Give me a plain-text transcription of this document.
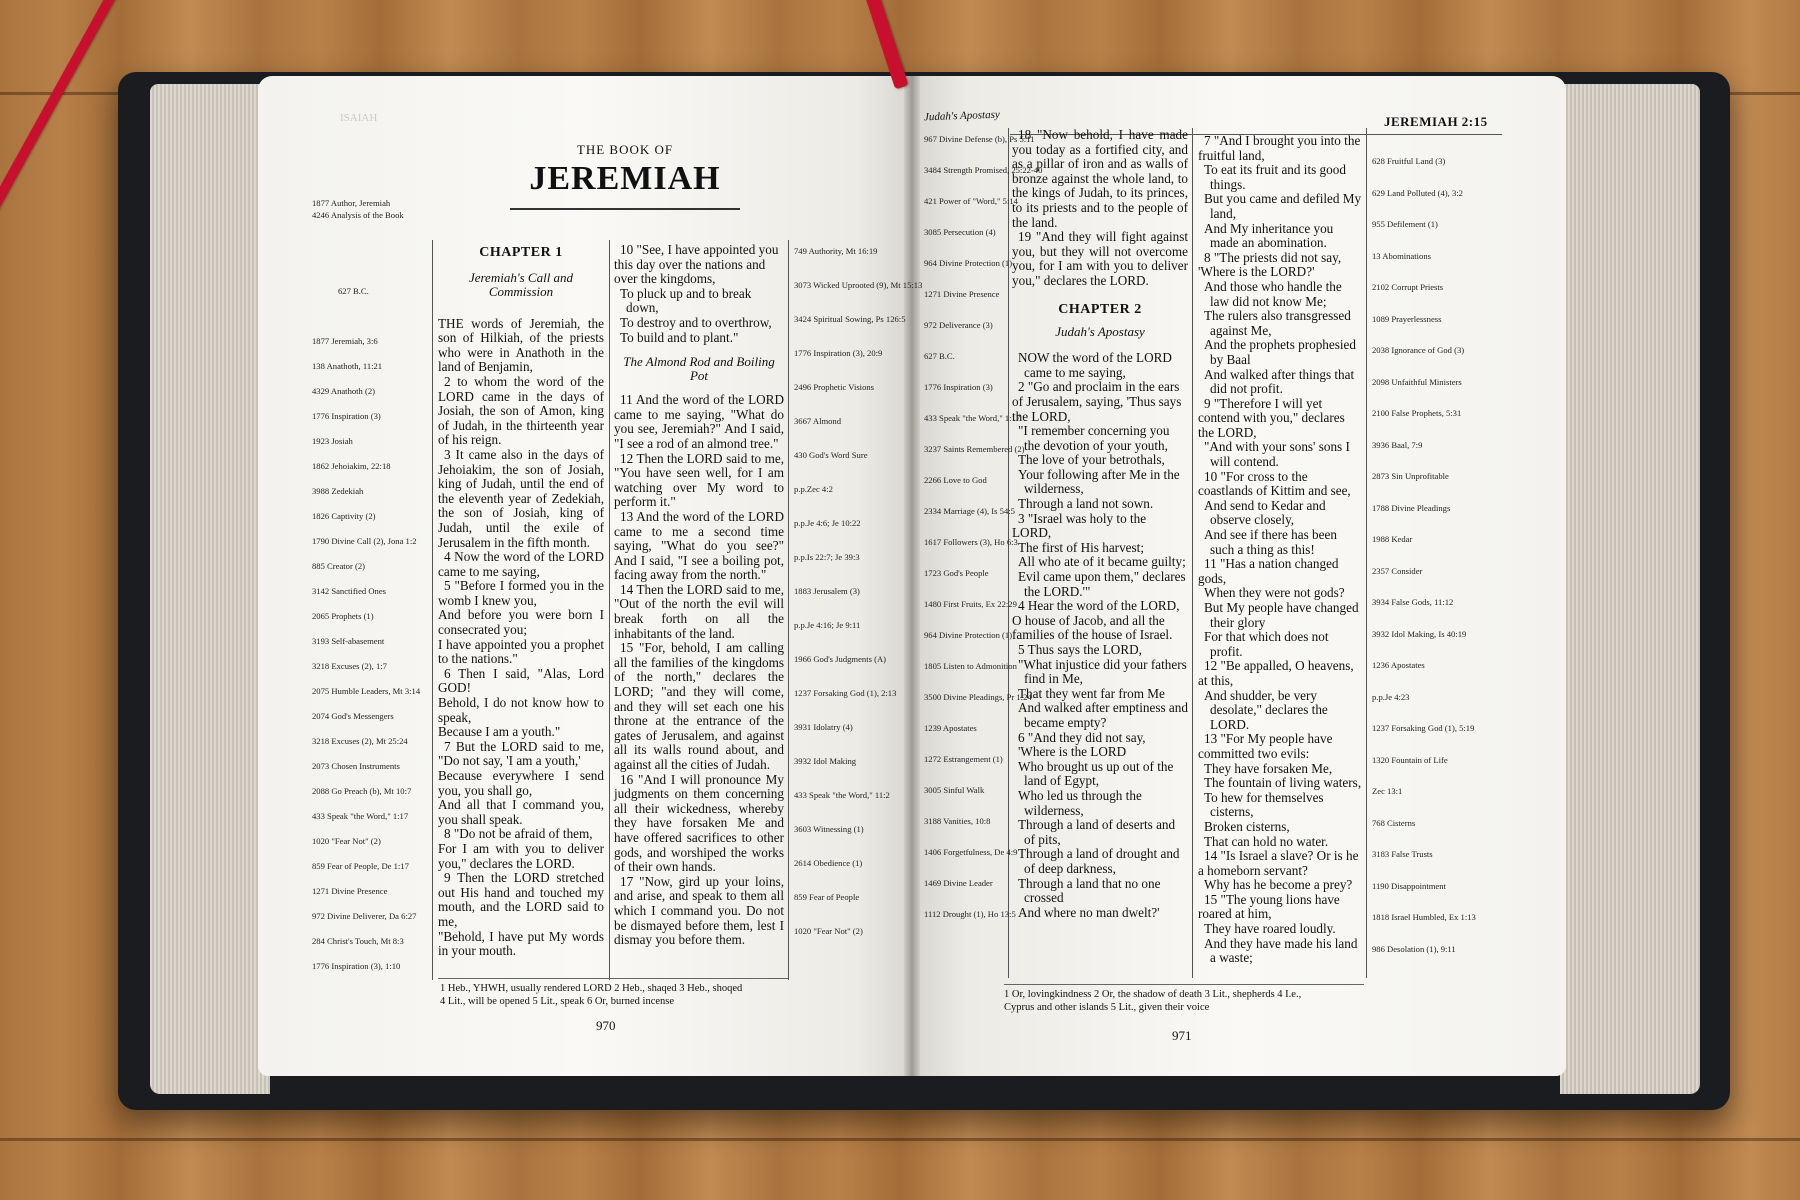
ISAIAH
THE BOOK OF
JEREMIAH
1877 Author, Jeremiah
4246 Analysis of the Book
627 B.C.
CHAPTER 1
Jeremiah's Call and Commission

THE words of Jeremiah, the son of Hilkiah, of the priests who were in Anathoth in the land of Benjamin,

2 to whom the word of the LORD came in the days of Josiah, the son of Amon, king of Judah, in the thirteenth year of his reign.

3 It came also in the days of Jehoiakim, the son of Josiah, king of Judah, until the end of the eleventh year of Zedekiah, the son of Josiah, king of Judah, until the exile of Jerusalem in the fifth month.

4 Now the word of the LORD came to me saying,

5 "Before I formed you in the womb I knew you,

And before you were born I consecrated you;

I have appointed you a prophet to the nations."

6 Then I said, "Alas, Lord GOD!

Behold, I do not know how to speak,

Because I am a youth."

7 But the LORD said to me, "Do not say, 'I am a youth,'

Because everywhere I send you, you shall go,

And all that I command you, you shall speak.

8 "Do not be afraid of them,

For I am with you to deliver you," declares the LORD.

9 Then the LORD stretched out His hand and touched my mouth, and the LORD said to me,

"Behold, I have put My words in your mouth.

10 "See, I have appointed you this day over the nations and over the kingdoms,

To pluck up and to break down,

To destroy and to overthrow,

To build and to plant."

The Almond Rod and Boiling Pot

11 And the word of the LORD came to me saying, "What do you see, Jeremiah?" And I said, "I see a rod of an almond tree."

12 Then the LORD said to me, "You have seen well, for I am watching over My word to perform it."

13 And the word of the LORD came to me a second time saying, "What do you see?" And I said, "I see a boiling pot, facing away from the north."

14 Then the LORD said to me, "Out of the north the evil will break forth on all the inhabitants of the land.

15 "For, behold, I am calling all the families of the kingdoms of the north," declares the LORD; "and they will come, and they will set each one his throne at the entrance of the gates of Jerusalem, and against all its walls round about, and against all the cities of Judah.

16 "And I will pronounce My judgments on them concerning all their wickedness, whereby they have forsaken Me and have offered sacrifices to other gods, and worshiped the works of their own hands.

17 "Now, gird up your loins, and arise, and speak to them all which I command you. Do not be dismayed before them, lest I dismay you before them.

1877 Jeremiah, 3:6
138 Anathoth, 11:21
4329 Anathoth (2)
1776 Inspiration (3)
1923 Josiah
1862 Jehoiakim, 22:18
3988 Zedekiah
1826 Captivity (2)
1790 Divine Call (2), Jona 1:2
885 Creator (2)
3142 Sanctified Ones
2065 Prophets (1)
3193 Self-abasement
3218 Excuses (2), 1:7
2075 Humble Leaders, Mt 3:14
2074 God's Messengers
3218 Excuses (2), Mt 25:24
2073 Chosen Instruments
2088 Go Preach (b), Mt 10:7
433 Speak "the Word," 1:17
1020 "Fear Not" (2)
859 Fear of People, De 1:17
1271 Divine Presence
972 Divine Deliverer, Da 6:27
284 Christ's Touch, Mt 8:3
1776 Inspiration (3), 1:10
749 Authority, Mt 16:19
3073 Wicked Uprooted (9), Mt 15:13
3424 Spiritual Sowing, Ps 126:5
1776 Inspiration (3), 20:9
2496 Prophetic Visions
3667 Almond
430 God's Word Sure
p.p.Zec 4:2
p.p.Je 4:6; Je 10:22
p.p.Is 22:7; Je 39:3
1883 Jerusalem (3)
p.p.Je 4:16; Je 9:11
1966 God's Judgments (A)
1237 Forsaking God (1), 2:13
3931 Idolatry (4)
3932 Idol Making
433 Speak "the Word," 11:2
3603 Witnessing (1)
2614 Obedience (1)
859 Fear of People
1020 "Fear Not" (2)
1 Heb., YHWH, usually rendered LORD 2 Heb., shaqed 3 Heb., shoqed
4 Lit., will be opened 5 Lit., speak 6 Or, burned incense
970
Judah's Apostasy	JEREMIAH 2:15

18 "Now behold, I have made you today as a fortified city, and as a pillar of iron and as walls of bronze against the whole land, to the kings of Judah, to its princes, to its priests and to the people of the land.

19 "And they will fight against you, but they will not overcome you, for I am with you to deliver you," declares the LORD.

CHAPTER 2
Judah's Apostasy

NOW the word of the LORD came to me saying,

2 "Go and proclaim in the ears of Jerusalem, saying, 'Thus says the LORD,

"I remember concerning you the devotion of your youth,

The love of your betrothals,

Your following after Me in the wilderness,

Through a land not sown.

3 "Israel was holy to the LORD,

The first of His harvest;

All who ate of it became guilty;

Evil came upon them," declares the LORD.'"

4 Hear the word of the LORD, O house of Jacob, and all the families of the house of Israel.

5 Thus says the LORD,

"What injustice did your fathers find in Me,

That they went far from Me

And walked after emptiness and became empty?

6 "And they did not say,

'Where is the LORD

Who brought us up out of the land of Egypt,

Who led us through the wilderness,

Through a land of deserts and of pits,

Through a land of drought and of deep darkness,

Through a land that no one crossed

And where no man dwelt?'

7 "And I brought you into the fruitful land,

To eat its fruit and its good things.

But you came and defiled My land,

And My inheritance you made an abomination.

8 "The priests did not say, 'Where is the LORD?'

And those who handle the law did not know Me;

The rulers also transgressed against Me,

And the prophets prophesied by Baal

And walked after things that did not profit.

9 "Therefore I will yet contend with you," declares the LORD,

"And with your sons' sons I will contend.

10 "For cross to the coastlands of Kittim and see,

And send to Kedar and observe closely,

And see if there has been such a thing as this!

11 "Has a nation changed gods,

When they were not gods?

But My people have changed their glory

For that which does not profit.

12 "Be appalled, O heavens, at this,

And shudder, be very desolate," declares the LORD.

13 "For My people have committed two evils:

They have forsaken Me,

The fountain of living waters,

To hew for themselves cisterns,

Broken cisterns,

That can hold no water.

14 "Is Israel a slave? Or is he a homeborn servant?

Why has he become a prey?

15 "The young lions have roared at him,

They have roared loudly.

And they have made his land a waste;

967 Divine Defense (b), Ps 5:11
3484 Strength Promised, 25:22-40
421 Power of "Word," 5:14
3085 Persecution (4)
964 Divine Protection (1)
1271 Divine Presence
972 Deliverance (3)
627 B.C.
1776 Inspiration (3)
433 Speak "the Word," 1:17
3237 Saints Remembered (2)
2266 Love to God
2334 Marriage (4), Is 54:5
1617 Followers (3), Ho 6:3
1723 God's People
1480 First Fruits, Ex 22:29
964 Divine Protection (1)
1805 Listen to Admonition
3500 Divine Pleadings, Pr 1:24
1239 Apostates
1272 Estrangement (1)
3005 Sinful Walk
3188 Vanities, 10:8
1406 Forgetfulness, De 4:9
1469 Divine Leader
1112 Drought (1), Ho 13:5
628 Fruitful Land (3)
629 Land Polluted (4), 3:2
955 Defilement (1)
13 Abominations
2102 Corrupt Priests
1089 Prayerlessness
2038 Ignorance of God (3)
2098 Unfaithful Ministers
2100 False Prophets, 5:31
3936 Baal, 7:9
2873 Sin Unprofitable
1788 Divine Pleadings
1988 Kedar
2357 Consider
3934 False Gods, 11:12
3932 Idol Making, Is 40:19
1236 Apostates
p.p.Je 4:23
1237 Forsaking God (1), 5:19
1320 Fountain of Life
Zec 13:1
768 Cisterns
3183 False Trusts
1190 Disappointment
1818 Israel Humbled, Ex 1:13
986 Desolation (1), 9:11
1 Or, lovingkindness 2 Or, the shadow of death 3 Lit., shepherds 4 I.e.,
Cyprus and other islands 5 Lit., given their voice
971
